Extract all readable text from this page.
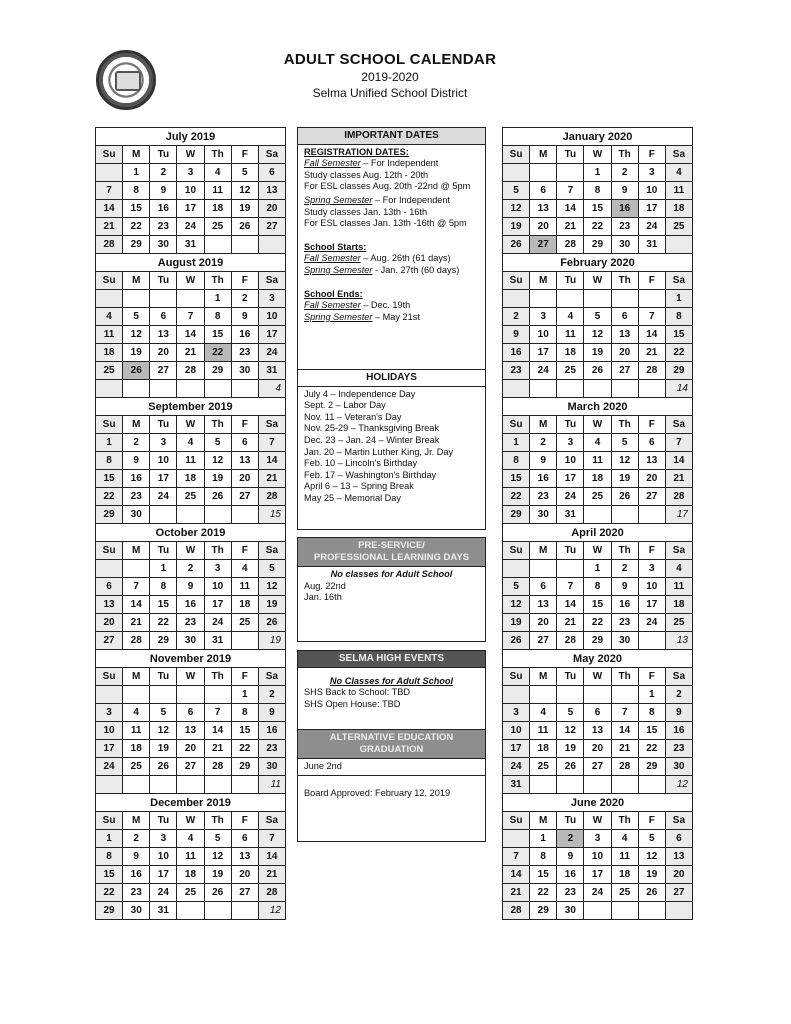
ADULT SCHOOL CALENDAR
2019-2020
Selma Unified School District
July 2019						
Su	M	Tu	W	Th	F	Sa
	1	2	3	4	5	6
7	8	9	10	11	12	13
14	15	16	17	18	19	20
21	22	23	24	25	26	27
28	29	30	31			
August 2019						
Su	M	Tu	W	Th	F	Sa
				1	2	3
4	5	6	7	8	9	10
11	12	13	14	15	16	17
18	19	20	21	22	23	24
25	26	27	28	29	30	31
						4
September 2019						
Su	M	Tu	W	Th	F	Sa
1	2	3	4	5	6	7
8	9	10	11	12	13	14
15	16	17	18	19	20	21
22	23	24	25	26	27	28
29	30					15
October 2019						
Su	M	Tu	W	Th	F	Sa
		1	2	3	4	5
6	7	8	9	10	11	12
13	14	15	16	17	18	19
20	21	22	23	24	25	26
27	28	29	30	31		19
November 2019						
Su	M	Tu	W	Th	F	Sa
					1	2
3	4	5	6	7	8	9
10	11	12	13	14	15	16
17	18	19	20	21	22	23
24	25	26	27	28	29	30
						11
December 2019						
Su	M	Tu	W	Th	F	Sa
1	2	3	4	5	6	7
8	9	10	11	12	13	14
15	16	17	18	19	20	21
22	23	24	25	26	27	28
29	30	31				12
January 2020						
Su	M	Tu	W	Th	F	Sa
			1	2	3	4
5	6	7	8	9	10	11
12	13	14	15	16	17	18
19	20	21	22	23	24	25
26	27	28	29	30	31	
February 2020						
Su	M	Tu	W	Th	F	Sa
						1
2	3	4	5	6	7	8
9	10	11	12	13	14	15
16	17	18	19	20	21	22
23	24	25	26	27	28	29
						14
March 2020						
Su	M	Tu	W	Th	F	Sa
1	2	3	4	5	6	7
8	9	10	11	12	13	14
15	16	17	18	19	20	21
22	23	24	25	26	27	28
29	30	31				17
April 2020						
Su	M	Tu	W	Th	F	Sa
			1	2	3	4
5	6	7	8	9	10	11
12	13	14	15	16	17	18
19	20	21	22	23	24	25
26	27	28	29	30		13
May 2020						
Su	M	Tu	W	Th	F	Sa
					1	2
3	4	5	6	7	8	9
10	11	12	13	14	15	16
17	18	19	20	21	22	23
24	25	26	27	28	29	30
31						12
June 2020						
Su	M	Tu	W	Th	F	Sa
	1	2	3	4	5	6
7	8	9	10	11	12	13
14	15	16	17	18	19	20
21	22	23	24	25	26	27
28	29	30				
IMPORTANT DATES
REGISTRATION DATES:
Fall Semester – For Independent
Study classes Aug. 12th - 20th
For ESL classes Aug. 20th -22nd @ 5pm
Spring Semester – For Independent
Study classes Jan. 13th - 16th
For ESL classes Jan. 13th -16th @ 5pm
School Starts:
Fall Semester – Aug. 26th (61 days)
Spring Semester - Jan. 27th (60 days)
School Ends:
Fall Semester – Dec. 19th
Spring Semester – May 21st
HOLIDAYS
July 4 – Independence Day
Sept. 2 – Labor Day
Nov. 11 – Veteran's Day
Nov. 25-29 – Thanksgiving Break
Dec. 23 – Jan. 24 – Winter Break
Jan. 20 – Martin Luther King, Jr. Day
Feb. 10 – Lincoln's Birthday
Feb. 17 – Washington's Birthday
April 6 – 13 – Spring Break
May 25 – Memorial Day
PRE-SERVICE/
PROFESSIONAL LEARNING DAYS
No classes for Adult School
Aug. 22nd
Jan. 16th
SELMA HIGH EVENTS
No Classes for Adult School
SHS Back to School: TBD
SHS Open House: TBD
ALTERNATIVE EDUCATION
GRADUATION
June 2nd
Board Approved: February 12, 2019
